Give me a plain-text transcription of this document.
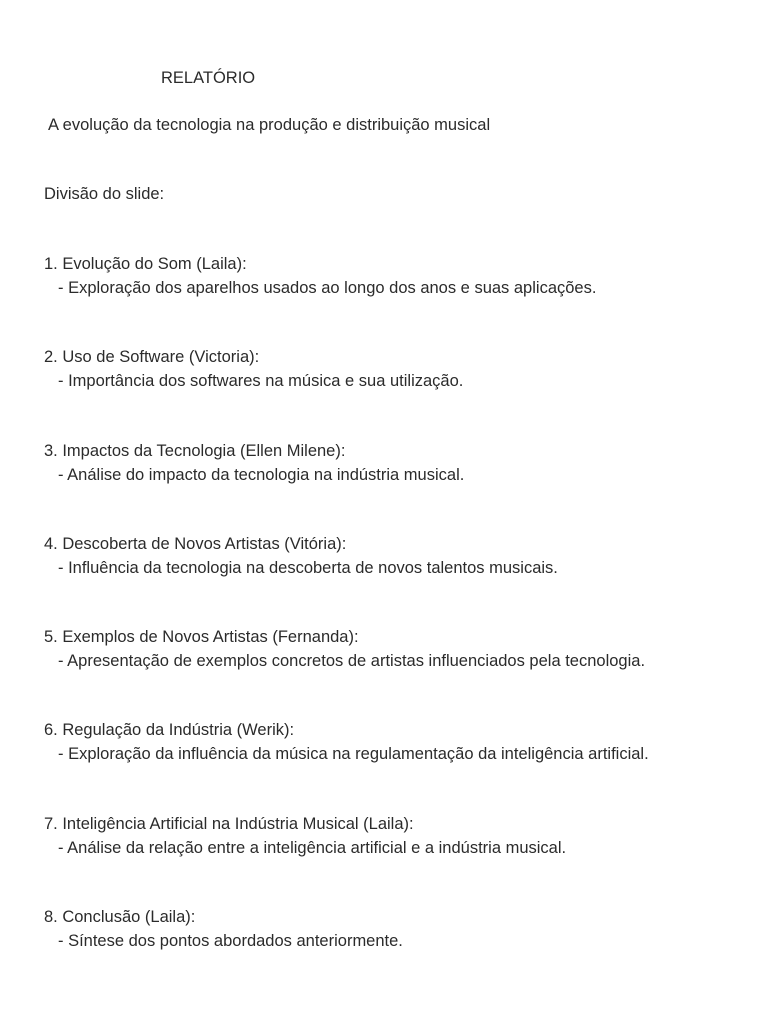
RELATÓRIO
A evolução da tecnologia na produção e distribuição musical

Divisão do slide:

1. Evolução do Som (Laila):
- Exploração dos aparelhos usados ao longo dos anos e suas aplicações.
2. Uso de Software (Victoria):
- Importância dos softwares na música e sua utilização.
3. Impactos da Tecnologia (Ellen Milene):
- Análise do impacto da tecnologia na indústria musical.
4. Descoberta de Novos Artistas (Vitória):
- Influência da tecnologia na descoberta de novos talentos musicais.
5. Exemplos de Novos Artistas (Fernanda):
- Apresentação de exemplos concretos de artistas influenciados pela tecnologia.
6. Regulação da Indústria (Werik):
- Exploração da influência da música na regulamentação da inteligência artificial.
7. Inteligência Artificial na Indústria Musical (Laila):
- Análise da relação entre a inteligência artificial e a indústria musical.
8. Conclusão (Laila):
- Síntese dos pontos abordados anteriormente.
